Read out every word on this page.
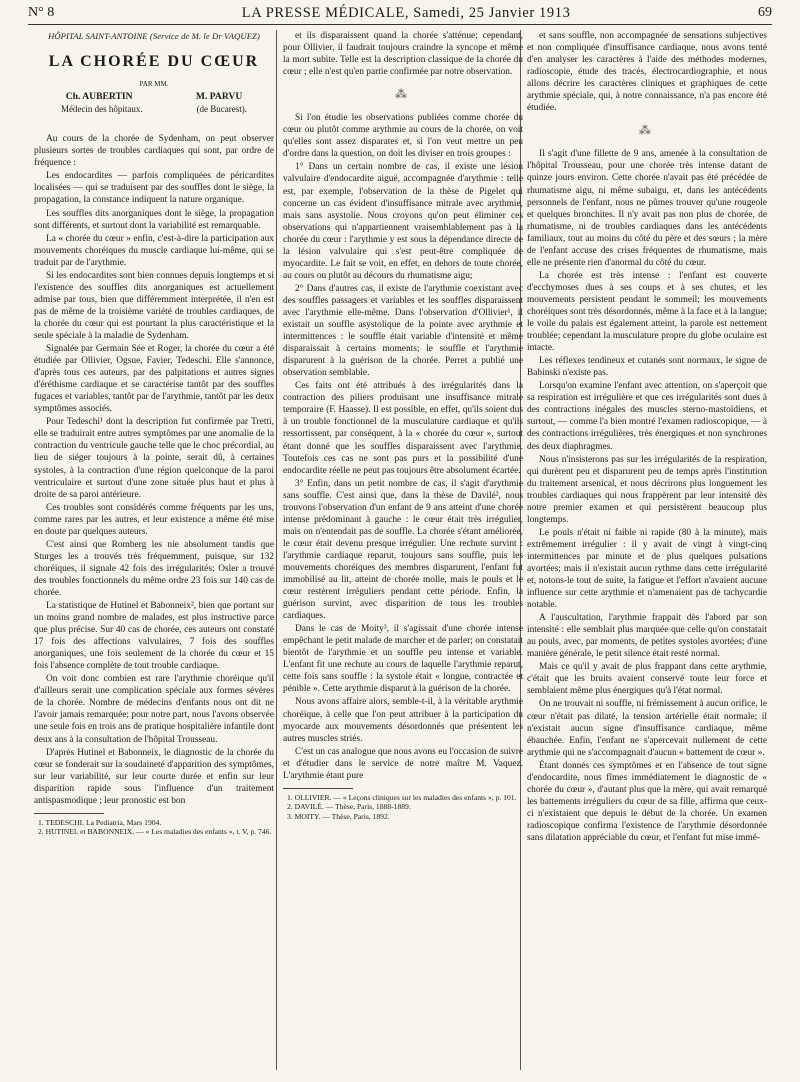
N° 8	LA PRESSE MÉDICALE, Samedi, 25 Janvier 1913	69

HÔPITAL SAINT-ANTOINE (Service de M. le Dr VAQUEZ)

LA CHORÉE DU CŒUR

PAR MM.

Ch. AUBERTIN	M. PARVU
Médecin des hôpitaux.	(de Bucarest).

Au cours de la chorée de Sydenham, on peut observer plusieurs sortes de troubles cardiaques qui sont, par ordre de fréquence :

Les endocardites — parfois compliquées de péricardites localisées — qui se traduisent par des souffles dont le siège, la propagation, la constance indiquent la nature organique.

Les souffles dits anorganiques dont le siège, la propagation sont différents, et surtout dont la variabilité est remarquable.

La « chorée du cœur » enfin, c'est-à-dire la participation aux mouvements choréiques du muscle cardiaque lui-même, qui se traduit par de l'arythmie.

Si les endocardites sont bien connues depuis longtemps et si l'existence des souffles dits anorganiques est actuellement admise par tous, bien que différemment interprétée, il n'en est pas de même de la troisième variété de troubles cardiaques, de la chorée du cœur qui est pourtant la plus caractéristique et la seule spéciale à la maladie de Sydenham.

Signalée par Germain Sée et Roger, la chorée du cœur a été étudiée par Ollivier, Ogsue, Favier, Tedeschi. Elle s'annonce, d'après tous ces auteurs, par des palpitations et autres signes d'éréthisme cardiaque et se caractérise tantôt par des souffles fugaces et variables, tantôt par de l'arythmie, tantôt par les deux symptômes associés.

Pour Tedeschi¹ dont la description fut confirmée par Tretti, elle se traduirait entre autres symptômes par une anomalie de la contraction du ventricule gauche telle que le choc précordial, au lieu de siéger toujours à la pointe, serait dû, à certaines systoles, à la contraction d'une région quelconque de la paroi ventriculaire et surtout d'une zone située plus haut et plus à droite de sa paroi antérieure.

Ces troubles sont considérés comme fréquents par les uns, comme rares par les autres, et leur existence a même été mise en doute par quelques auteurs.

C'est ainsi que Romberg les nie absolument tandis que Sturges les a trouvés très fréquemment, puisque, sur 132 choréiques, il signale 42 fois des irrégularités; Osler a trouvé des troubles fonctionnels du même ordre 23 fois sur 140 cas de chorée.

La statistique de Hutinel et Babonneix², bien que portant sur un moins grand nombre de malades, est plus instructive parce que plus précise. Sur 40 cas de chorée, ces auteurs ont constaté 17 fois des affections valvulaires, 7 fois des souffles anorganiques, une fois seulement de la chorée du cœur et 15 fois l'absence complète de tout trouble cardiaque.

On voit donc combien est rare l'arythmie choréique qu'il d'ailleurs serait une complication spéciale aux formes sévères de la chorée. Nombre de médecins d'enfants nous ont dit ne l'avoir jamais remarquée; pour notre part, nous l'avons observée une seule fois en trois ans de pratique hospitalière infantile dont deux ans à la consultation de l'hôpital Trousseau.

D'après Hutinel et Babonneix, le diagnostic de la chorée du cœur se fonderait sur la soudaineté d'apparition des symptômes, sur leur variabilité, sur leur courte durée et enfin sur leur disparition rapide sous l'influence d'un traitement antispasmodique ; leur pronostic est bon

1. TEDESCHI. La Pediatria, Mars 1904.

2. HUTINEL et BABONNEIX. — « Les maladies des enfants », t. V, p. 746.

et ils disparaissent quand la chorée s'atténue; cependant, pour Ollivier, il faudrait toujours craindre la syncope et même la mort subite. Telle est la description classique de la chorée du cœur ; elle n'est qu'en partie confirmée par notre observation.

⁂

Si l'on étudie les observations publiées comme chorée du cœur ou plutôt comme arythmie au cours de la chorée, on voit qu'elles sont assez disparates et, si l'on veut mettre un peu d'ordre dans la question, on doit les diviser en trois groupes :

1° Dans un certain nombre de cas, il existe une lésion valvulaire d'endocardite aiguë, accompagnée d'arythmie : telle est, par exemple, l'observation de la thèse de Pigelet qui concerne un cas évident d'insuffisance mitrale avec arythmie, mais sans asystolie. Nous croyons qu'on peut éliminer ces observations qui n'appartiennent vraisemblablement pas à la chorée du cœur : l'arythmie y est sous la dépendance directe de la lésion valvulaire qui s'est peut-être compliquée de myocardite. Le fait se voit, en effet, en dehors de toute chorée, au cours ou plutôt au décours du rhumatisme aigu;

2° Dans d'autres cas, il existe de l'arythmie coexistant avec des souffles passagers et variables et les souffles disparaissent avec l'arythmie elle-même. Dans l'observation d'Ollivier¹, il existait un souffle asystolique de la pointe avec arythmie et intermittences : le souffle était variable d'intensité et même disparaissait à certains moments; le souffle et l'arythmie disparurent à la guérison de la chorée. Perret a publié une observation semblable.

Ces faits ont été attribués à des irrégularités dans la contraction des piliers produisant une insuffisance mitrale temporaire (F. Haasse). Il est possible, en effet, qu'ils soient dus à un trouble fonctionnel de la musculature cardiaque et qu'ils ressortissent, par conséquent, à la « chorée du cœur », surtout étant donné que les souffles disparaissent avec l'arythmie. Toutefois ces cas ne sont pas purs et la possibilité d'une endocardite réelle ne peut pas toujours être absolument écartée.

3° Enfin, dans un petit nombre de cas, il s'agit d'arythmie sans souffle. C'est ainsi que, dans la thèse de Davilé², nous trouvons l'observation d'un enfant de 9 ans atteint d'une chorée intense prédominant à gauche : le cœur était très irrégulier, mais on n'entendait pas de souffle. La chorée s'étant améliorée, le cœur était devenu presque irrégulier. Une rechute survint : l'arythmie cardiaque reparut, toujours sans souffle, puis les mouvements choréiques des membres disparurent, l'enfant fut immobilisé au lit, atteint de chorée molle, mais le pouls et le cœur restèrent irréguliers pendant cette période. Enfin, la guérison survint, avec disparition de tous les troubles cardiaques.

Dans le cas de Moity³, il s'agissait d'une chorée intense empêchant le petit malade de marcher et de parler; on constatait bientôt de l'arythmie et un souffle peu intense et variable. L'enfant fit une rechute au cours de laquelle l'arythmie reparut, cette fois sans souffle : la systole était « longue, contractée et pénible ». Cette arythmie disparut à la guérison de la chorée.

Nous avons affaire alors, semble-t-il, à la véritable arythmie choréique, à celle que l'on peut attribuer à la participation du myocarde aux mouvements désordonnés que présentent les autres muscles striés.

C'est un cas analogue que nous avons eu l'occasion de suivre et d'étudier dans le service de notre maître M. Vaquez. L'arythmie étant pure

1. OLLIVIER. — « Leçons cliniques sur les maladies des enfants », p. 101.

2. DAVILÉ. — Thèse, Paris, 1888-1889.

3. MOITY. — Thèse, Paris, 1892.

et sans souffle, non accompagnée de sensations subjectives et non compliquée d'insuffisance cardiaque, nous avons tenté d'en analyser les caractères à l'aide des méthodes modernes, radioscopie, étude des tracés, électrocardiographie, et nous allons décrire les caractères cliniques et graphiques de cette arythmie spéciale, qui, à notre connaissance, n'a pas encore été étudiée.

⁂

Il s'agit d'une fillette de 9 ans, amenée à la consultation de l'hôpital Trousseau, pour une chorée très intense datant de quinze jours environ. Cette chorée n'avait pas été précédée de rhumatisme aigu, ni même subaigu, et, dans les antécédents personnels de l'enfant, nous ne pûmes trouver qu'une rougeole et quelques bronchites. Il n'y avait pas non plus de chorée, de rhumatisme, ni de troubles cardiaques dans les antécédents familiaux, tout au moins du côté du père et des sœurs ; la mère de l'enfant accuse des crises fréquentes de rhumatisme, mais elle ne présente rien d'anormal du côté du cœur.

La chorée est très intense : l'enfant est couverte d'ecchymoses dues à ses coups et à ses chutes, et les mouvements persistent pendant le sommeil; les mouvements choréiques sont très désordonnés, même à la face et à la langue; le voile du palais est également atteint, la parole est nettement troublée; cependant la musculature propre du globe oculaire est intacte.

Les réflexes tendineux et cutanés sont normaux, le signe de Babinski n'existe pas.

Lorsqu'on examine l'enfant avec attention, on s'aperçoit que sa respiration est irrégulière et que ces irrégularités sont dues à des contractions inégales des muscles sterno-mastoïdiens, et surtout, — comme l'a bien montré l'examen radioscopique, — à des contractions irrégulières, très énergiques et non synchrones des deux diaphragmes.

Nous n'insisterons pas sur les irrégularités de la respiration, qui durèrent peu et disparurent peu de temps après l'institution du traitement arsenical, et nous décrirons plus longuement les troubles cardiaques qui nous frappèrent par leur intensité dès notre premier examen et qui persistèrent beaucoup plus longtemps.

Le pouls n'était ni faible ni rapide (80 à la minute), mais extrêmement irrégulier : il y avait de vingt à vingt-cinq intermittences par minute et de plus quelques pulsations avortées; mais il n'existait aucun rythme dans cette irrégularité et, notons-le tout de suite, la fatigue et l'effort n'avaient aucune influence sur cette arythmie et n'amenaient pas de tachycardie notable.

A l'auscultation, l'arythmie frappait dès l'abord par son intensité : elle semblait plus marquée que celle qu'on constatait au pouls, avec, par moments, de petites systoles avortées; d'une manière générale, le petit silence était resté normal.

Mais ce qu'il y avait de plus frappant dans cette arythmie, c'était que les bruits avaient conservé toute leur force et semblaient même plus énergiques qu'à l'état normal.

On ne trouvait ni souffle, ni frémissement à aucun orifice, le cœur n'était pas dilaté, la tension artérielle était normale; il n'existait aucun signe d'insuffisance cardiaque, même ébauchée. Enfin, l'enfant ne s'apercevait nullement de cette arythmie qui ne s'accompagnait d'aucun « battement de cœur ».

Étant donnés ces symptômes et en l'absence de tout signe d'endocardite, nous fîmes immédiatement le diagnostic de « chorée du cœur », d'autant plus que la mère, qui avait remarqué les battements irréguliers du cœur de sa fille, affirma que ceux-ci n'existaient que depuis le début de la chorée. Un examen radioscopique confirma l'existence de l'arythmie désordonnée sans dilatation appréciable du cœur, et l'enfant fut mise immé-
